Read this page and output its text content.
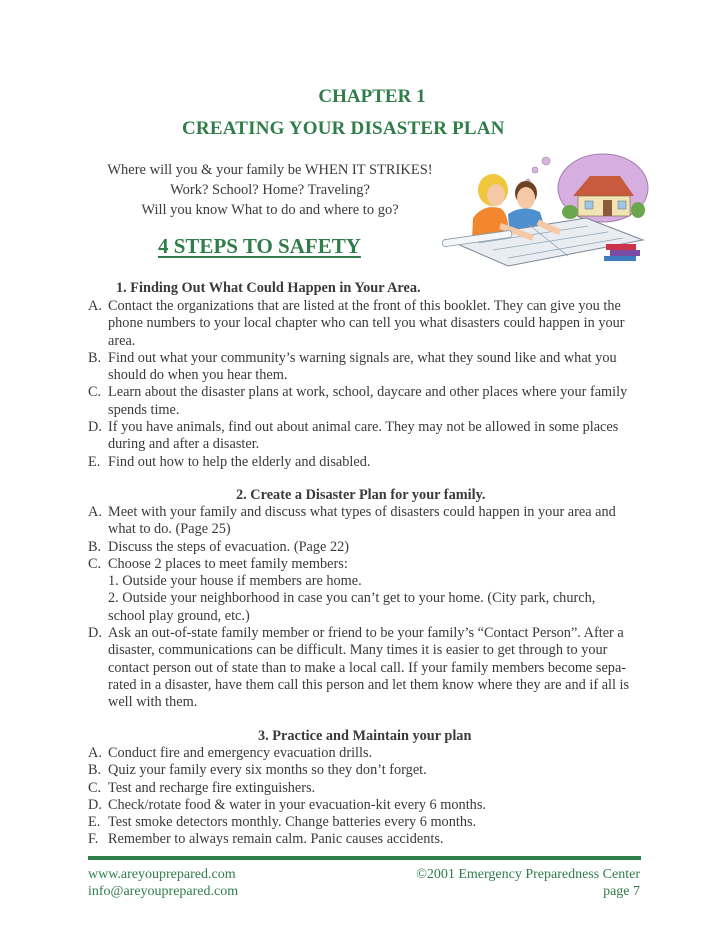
CHAPTER 1
CREATING YOUR DISASTER PLAN
Where will you & your family be WHEN IT STRIKES!
Work? School? Home? Traveling?
Will you know What to do and where to go?
4 STEPS TO SAFETY
1. Finding Out What Could Happen in Your Area.
A. Contact the organizations that are listed at the front of this booklet. They can give you the
phone numbers to your local chapter who can tell you what disasters could happen in your
area.
B. Find out what your community’s warning signals are, what they sound like and what you
should do when you hear them.
C. Learn about the disaster plans at work, school, daycare and other places where your family
spends time.
D. If you have animals, find out about animal care. They may not be allowed in some places
during and after a disaster.
E. Find out how to help the elderly and disabled.
2. Create a Disaster Plan for your family.
A. Meet with your family and discuss what types of disasters could happen in your area and
what to do. (Page 25)
B. Discuss the steps of evacuation. (Page 22)
C. Choose 2 places to meet family members:
1. Outside your house if members are home.
2. Outside your neighborhood in case you can’t get to your home. (City park, church,
school play ground, etc.)
D. Ask an out-of-state family member or friend to be your family’s “Contact Person”. After a
disaster, communications can be difficult. Many times it is easier to get through to your
contact person out of state than to make a local call. If your family members become sepa-
rated in a disaster, have them call this person and let them know where they are and if all is
well with them.
3. Practice and Maintain your plan
A. Conduct fire and emergency evacuation drills.
B. Quiz your family every six months so they don’t forget.
C. Test and recharge fire extinguishers.
D. Check/rotate food & water in your evacuation-kit every 6 months.
E. Test smoke detectors monthly. Change batteries every 6 months.
F. Remember to always remain calm. Panic causes accidents.
www.areyouprepared.com
info@areyouprepared.com
©2001 Emergency Preparedness Center
page 7
